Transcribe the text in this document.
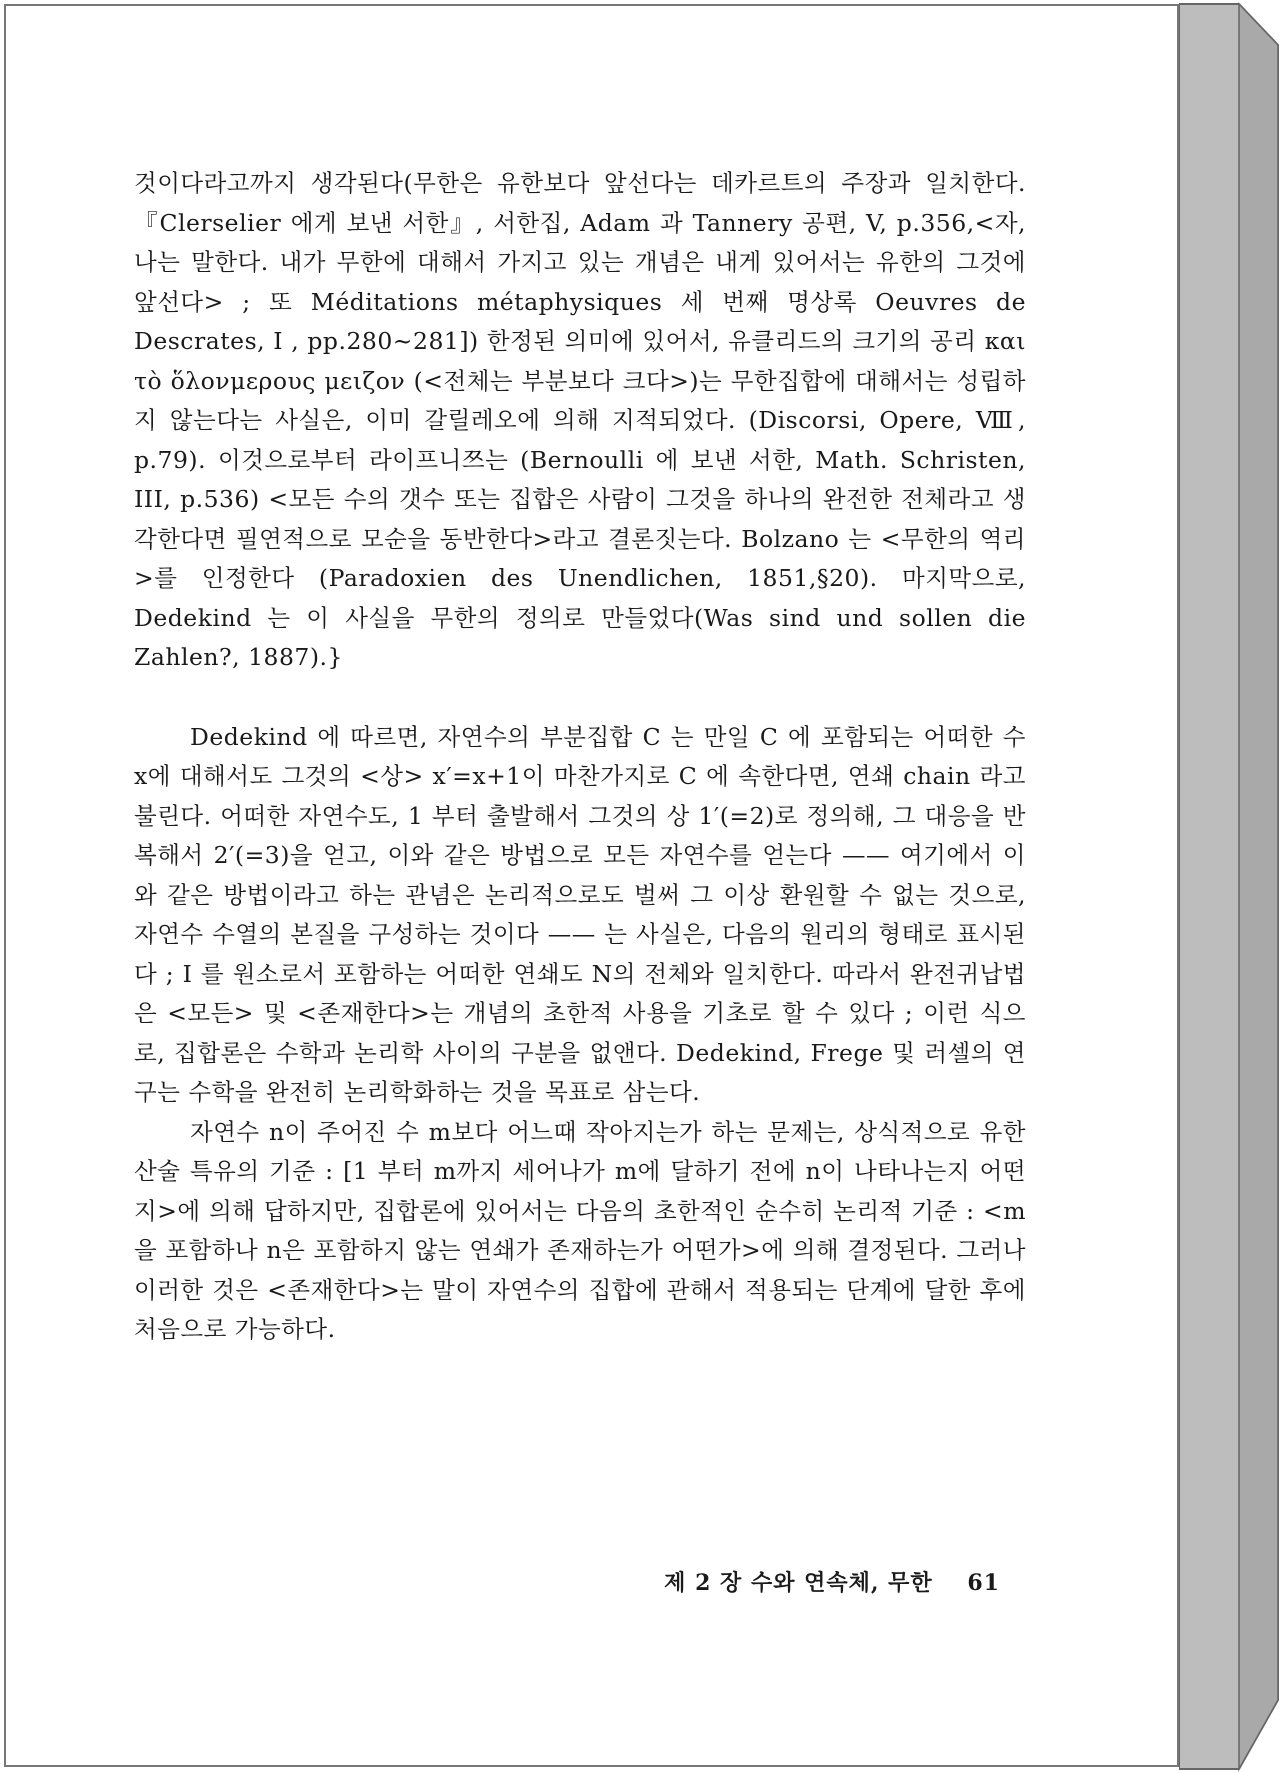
것이다라고까지 생각된다(무한은 유한보다 앞선다는 데카르트의 주장과 일치한다. 『Clerselier 에게 보낸 서한』, 서한집, Adam 과 Tannery 공편, V, p.356,<자, 나는 말한다. 내가 무한에 대해서 가지고 있는 개념은 내게 있어서는 유한의 그것에 앞선다> ; 또 Méditations métaphysiques 세 번째 명상록 Oeuvres de Descrates, I , pp.280~281]) 한정된 의미에 있어서, 유클리드의 크기의 공리 και τὸ ὅλονμερους μειζον (<전체는 부분보다 크다>)는 무한집합에 대해서는 성립하지 않는다는 사실은, 이미 갈릴레오에 의해 지적되었다. (Discorsi, Opere, Ⅷ, p.79). 이것으로부터 라이프니쯔는 (Bernoulli 에 보낸 서한, Math. Schristen, III, p.536) <모든 수의 갯수 또는 집합은 사람이 그것을 하나의 완전한 전체라고 생각한다면 필연적으로 모순을 동반한다>라고 결론짓는다. Bolzano 는 <무한의 역리>를 인정한다 (Paradoxien des Unendlichen, 1851,§20). 마지막으로, Dedekind 는 이 사실을 무한의 정의로 만들었다(Was sind und sollen die Zahlen?, 1887).}

Dedekind 에 따르면, 자연수의 부분집합 C 는 만일 C 에 포함되는 어떠한 수 x에 대해서도 그것의 <상> x′=x+1이 마찬가지로 C 에 속한다면, 연쇄 chain 라고 불린다. 어떠한 자연수도, 1 부터 출발해서 그것의 상 1′(=2)로 정의해, 그 대응을 반복해서 2′(=3)을 얻고, 이와 같은 방법으로 모든 자연수를 얻는다 —— 여기에서 이와 같은 방법이라고 하는 관념은 논리적으로도 벌써 그 이상 환원할 수 없는 것으로, 자연수 수열의 본질을 구성하는 것이다 —— 는 사실은, 다음의 원리의 형태로 표시된다 ; I 를 원소로서 포함하는 어떠한 연쇄도 N의 전체와 일치한다. 따라서 완전귀납법은 <모든> 및 <존재한다>는 개념의 초한적 사용을 기초로 할 수 있다 ; 이런 식으로, 집합론은 수학과 논리학 사이의 구분을 없앤다. Dedekind, Frege 및 러셀의 연구는 수학을 완전히 논리학화하는 것을 목표로 삼는다.

자연수 n이 주어진 수 m보다 어느때 작아지는가 하는 문제는, 상식적으로 유한산술 특유의 기준 : [1 부터 m까지 세어나가 m에 달하기 전에 n이 나타나는지 어떤지>에 의해 답하지만, 집합론에 있어서는 다음의 초한적인 순수히 논리적 기준 : <m을 포함하나 n은 포함하지 않는 연쇄가 존재하는가 어떤가>에 의해 결정된다. 그러나 이러한 것은 <존재한다>는 말이 자연수의 집합에 관해서 적용되는 단계에 달한 후에 처음으로 가능하다.

제 2 장 수와 연속체, 무한 61
